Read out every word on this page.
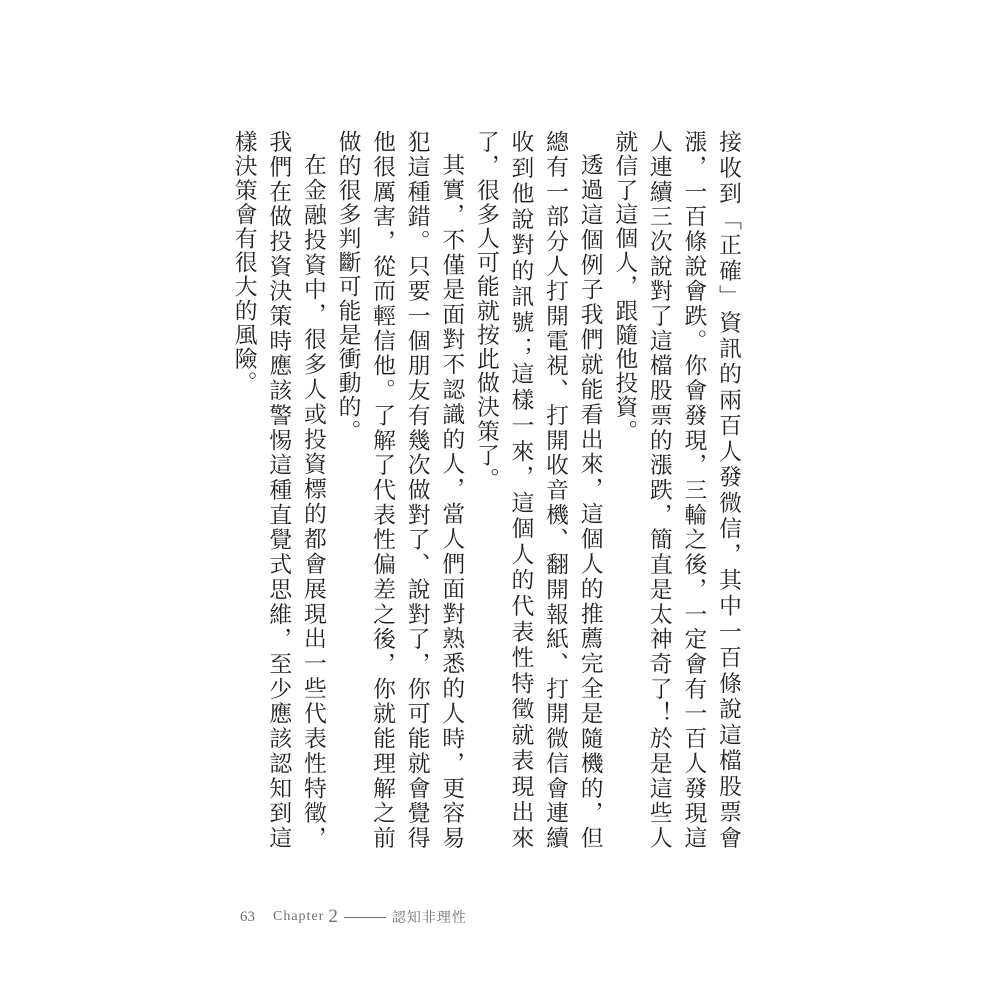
接收到「正確」資訊的兩百人發微信，其中一百條說這檔股票會漲，一百條說會跌。你會發現，三輪之後，一定會有一百人發現這人連續三次說對了這檔股票的漲跌，簡直是太神奇了！於是這些人就信了這個人，跟隨他投資。

透過這個例子我們就能看出來，這個人的推薦完全是隨機的，但總有一部分人打開電視、打開收音機、翻開報紙、打開微信會連續收到他說對的訊號；這樣一來，這個人的代表性特徵就表現出來了，很多人可能就按此做決策了。

其實，不僅是面對不認識的人，當人們面對熟悉的人時，更容易犯這種錯。只要一個朋友有幾次做對了、說對了，你可能就會覺得他很厲害，從而輕信他。了解了代表性偏差之後，你就能理解之前做的很多判斷可能是衝動的。

在金融投資中，很多人或投資標的都會展現出一些代表性特徵，我們在做投資決策時應該警惕這種直覺式思維，至少應該認知到這樣決策會有很大的風險。

63 Chapter 2	認知非理性
